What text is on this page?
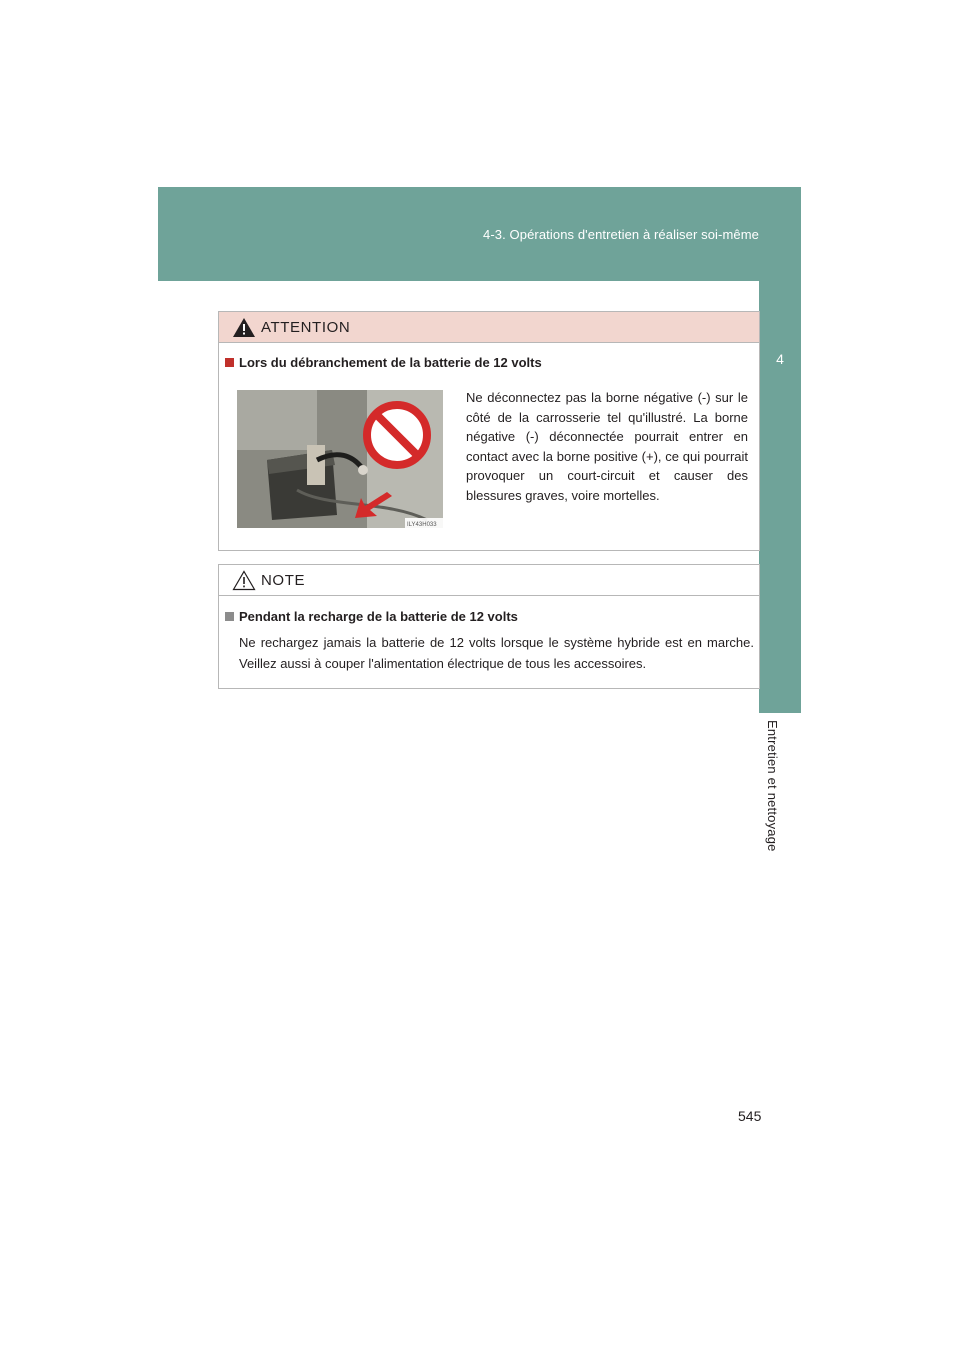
4-3. Opérations d'entretien à réaliser soi-même
4
Entretien et nettoyage
ATTENTION
Lors du débranchement de la batterie de 12 volts
ILY43H033
Ne déconnectez pas la borne négative (-) sur le côté de la carrosserie tel qu'illustré. La borne négative (-) déconnectée pourrait entrer en contact avec la borne positive (+), ce qui pourrait provoquer un court-circuit et causer des blessures graves, voire mortelles.
NOTE
Pendant la recharge de la batterie de 12 volts
Ne rechargez jamais la batterie de 12 volts lorsque le système hybride est en marche. Veillez aussi à couper l'alimentation électrique de tous les accessoires.
545
